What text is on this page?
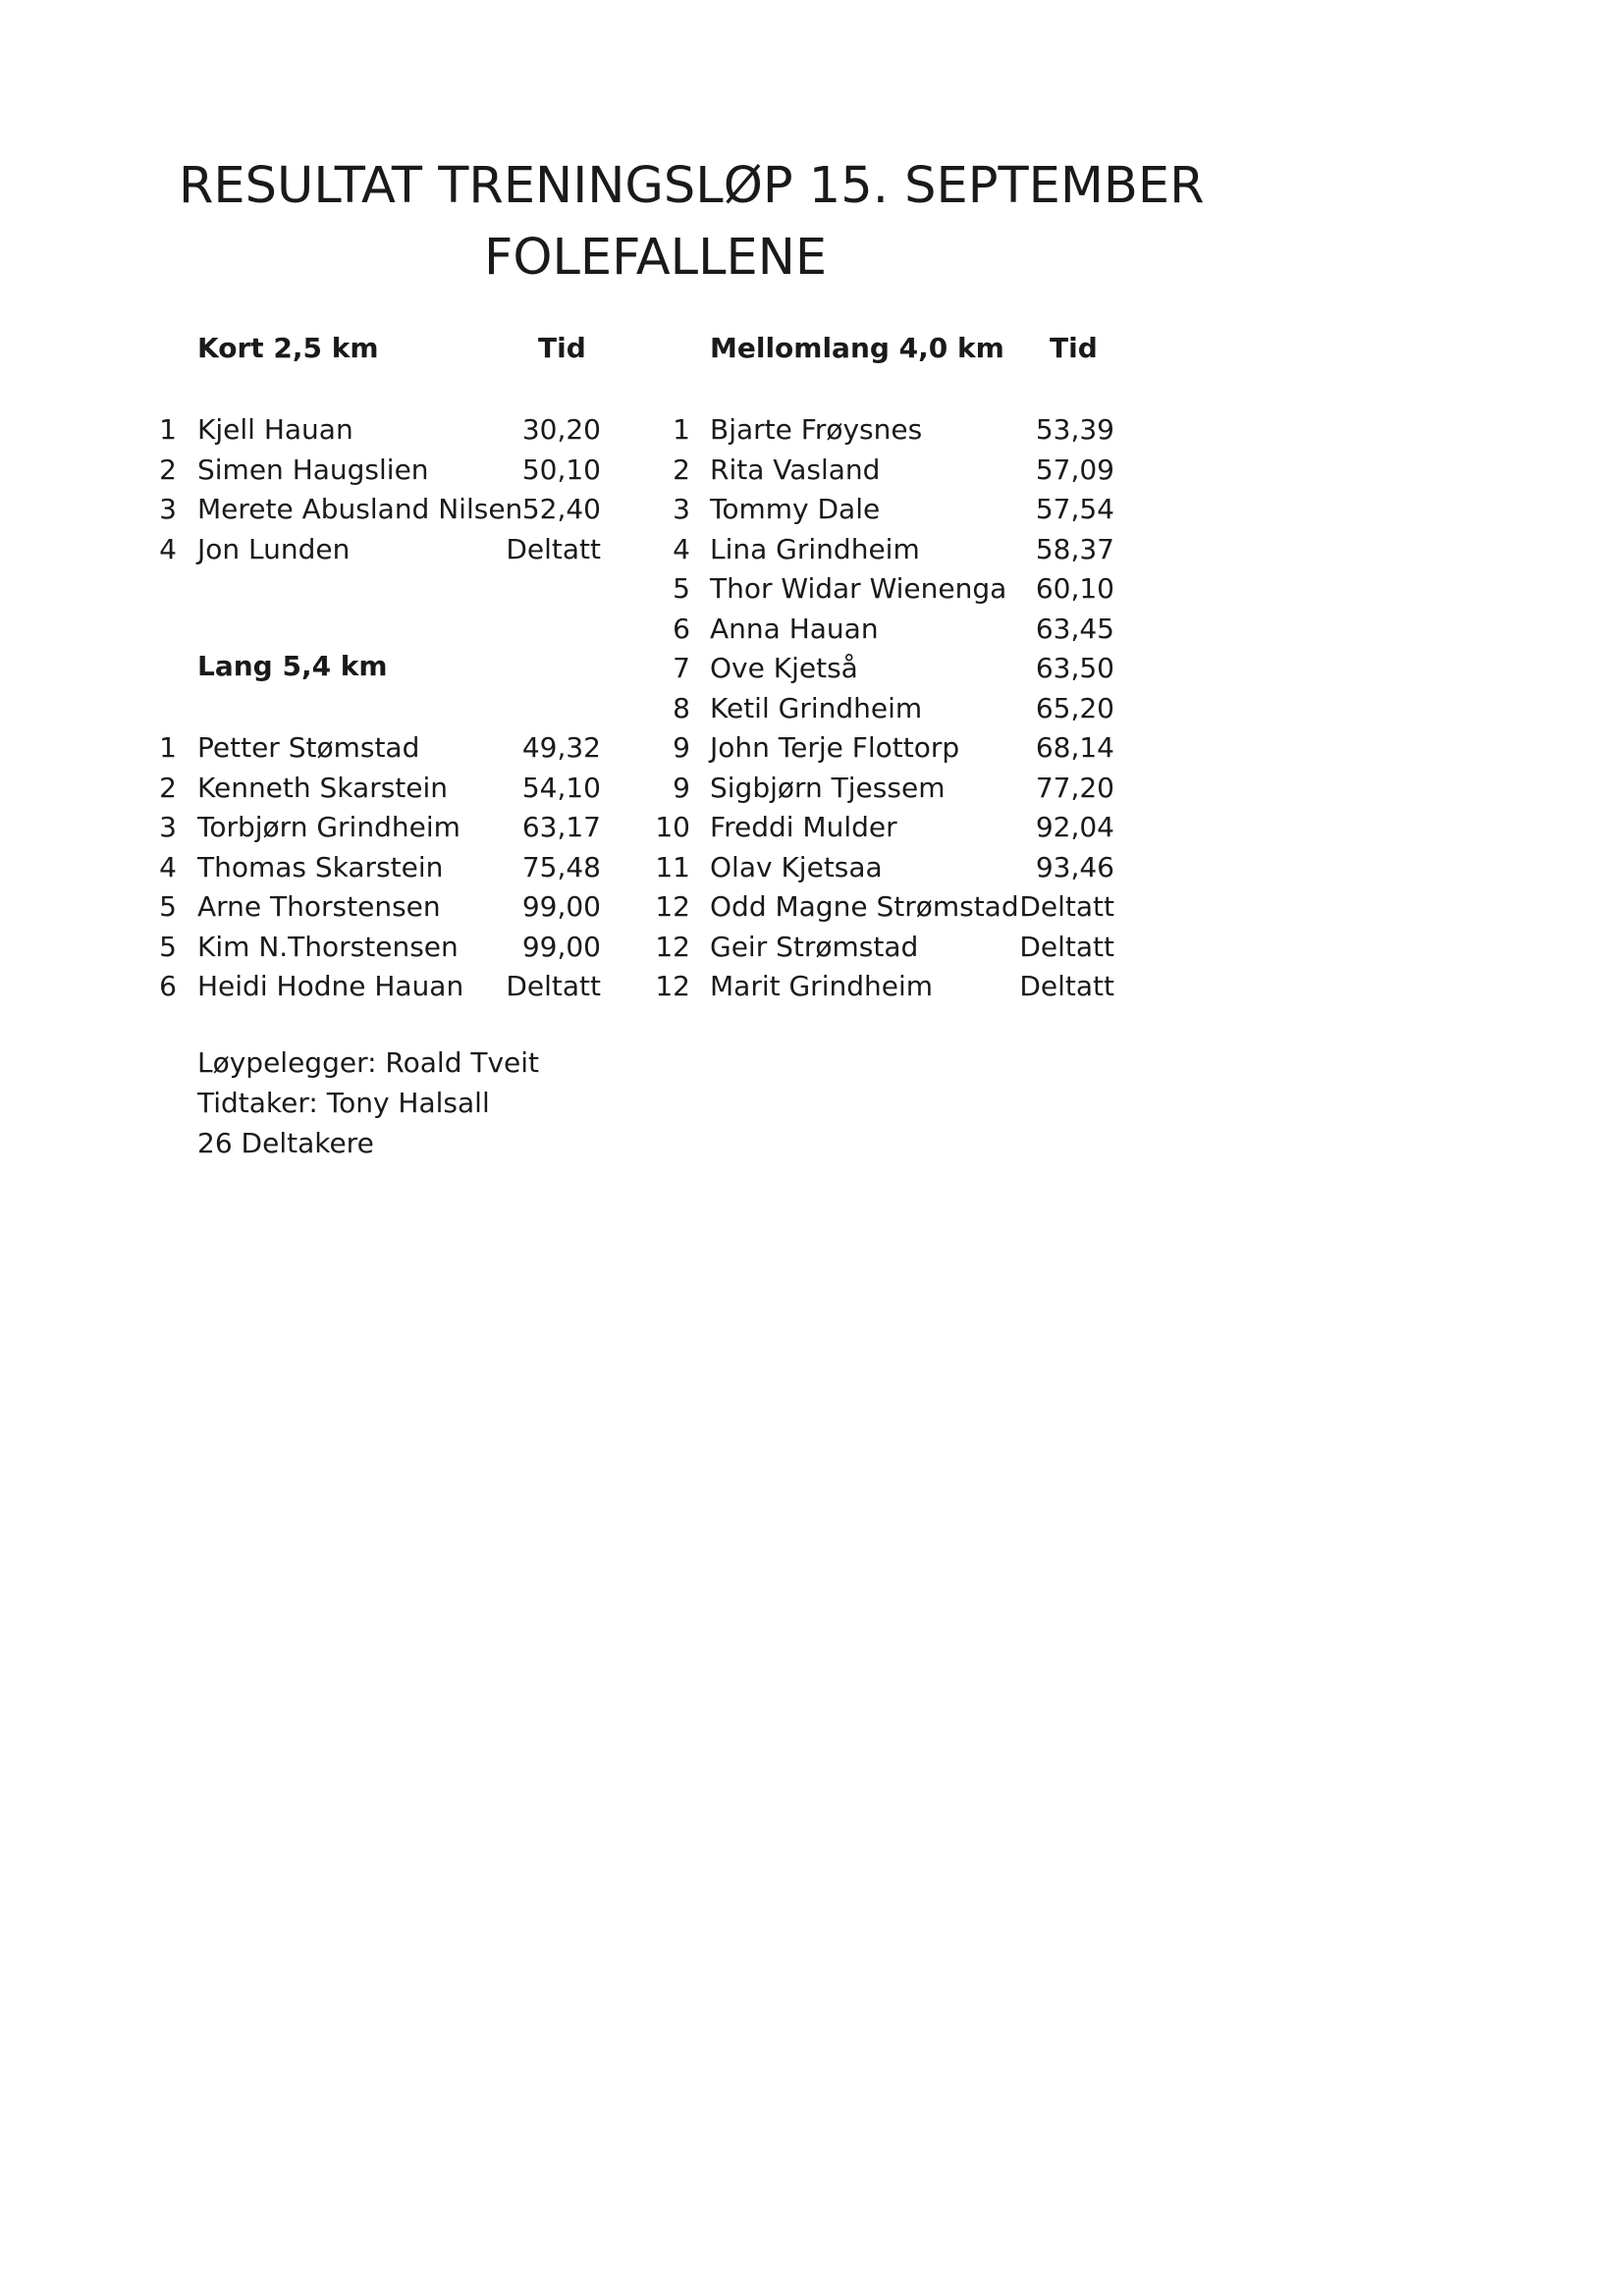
RESULTAT TRENINGSLØP 15. SEPTEMBER
FOLEFALLENE
Kort 2,5 km	Tid	Mellomlang 4,0 km Tid
Lang 5,4 km
1 Kjell Hauan	30,20
2 Simen Haugslien	50,10
3 Merete Abusland Nilsen 52,40
4 Jon Lunden	Deltatt
1 Petter Stømstad	49,32
2 Kenneth Skarstein	54,10
3 Torbjørn Grindheim	63,17
4 Thomas Skarstein	75,48
5 Arne Thorstensen	99,00
5 Kim N.Thorstensen	99,00
6 Heidi Hodne Hauan	Deltatt
1 Bjarte Frøysnes	53,39
2 Rita Vasland	57,09
3 Tommy Dale	57,54
4 Lina Grindheim	58,37
5 Thor Widar Wienenga	60,10
6 Anna Hauan	63,45
7 Ove Kjetså	63,50
8 Ketil Grindheim	65,20
9 John Terje Flottorp	68,14
9 Sigbjørn Tjessem	77,20
10 Freddi Mulder	92,04
11 Olav Kjetsaa	93,46
12 Odd Magne Strømstad Deltatt
12 Geir Strømstad	Deltatt
12 Marit Grindheim	Deltatt
Løypelegger: Roald Tveit
Tidtaker: Tony Halsall
26 Deltakere
